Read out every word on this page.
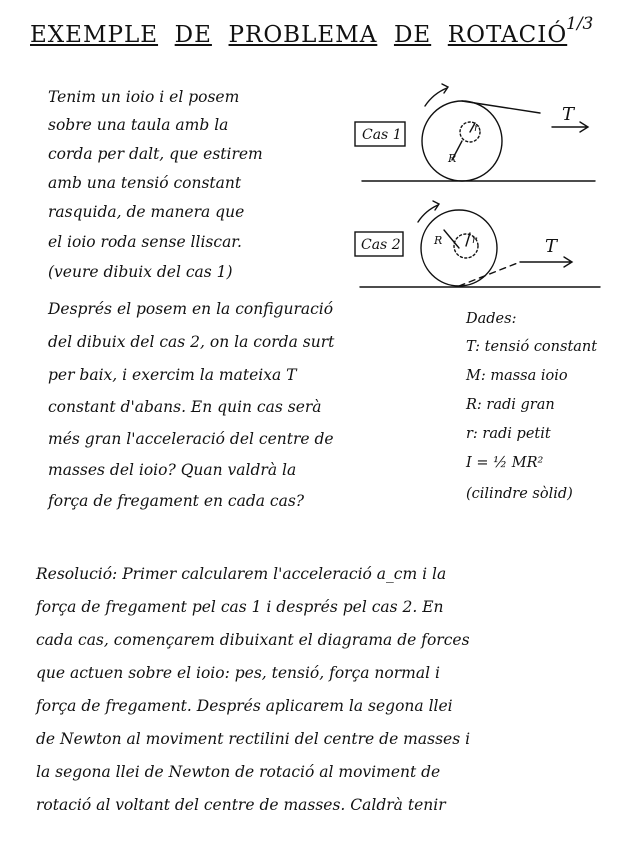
EXEMPLE DE PROBLEMA DE ROTACIÓ
1/3
Tenim un ioio i el posem
sobre una taula amb la
corda per dalt, que estirem
amb una tensió constant
rasquida, de manera que
el ioio roda sense lliscar.
(veure dibuix del cas 1)
Cas 1
T
R
r
Cas 2	T
R	r
Després el posem en la configuració
del dibuix del cas 2, on la corda surt
per baix, i exercim la mateixa T
constant d'abans. En quin cas serà
més gran l'acceleració del centre de
masses del ioio? Quan valdrà la
força de fregament en cada cas?
Dades:
T: tensió constant
M: massa ioio
R: radi gran
r: radi petit
I = ½ MR²
(cilindre sòlid)
Resolució: Primer calcularem l'acceleració a_cm i la
força de fregament pel cas 1 i després pel cas 2. En
cada cas, començarem dibuixant el diagrama de forces
que actuen sobre el ioio: pes, tensió, força normal i
força de fregament. Després aplicarem la segona llei
de Newton al moviment rectilini del centre de masses i
la segona llei de Newton de rotació al moviment de
rotació al voltant del centre de masses. Caldrà tenir
